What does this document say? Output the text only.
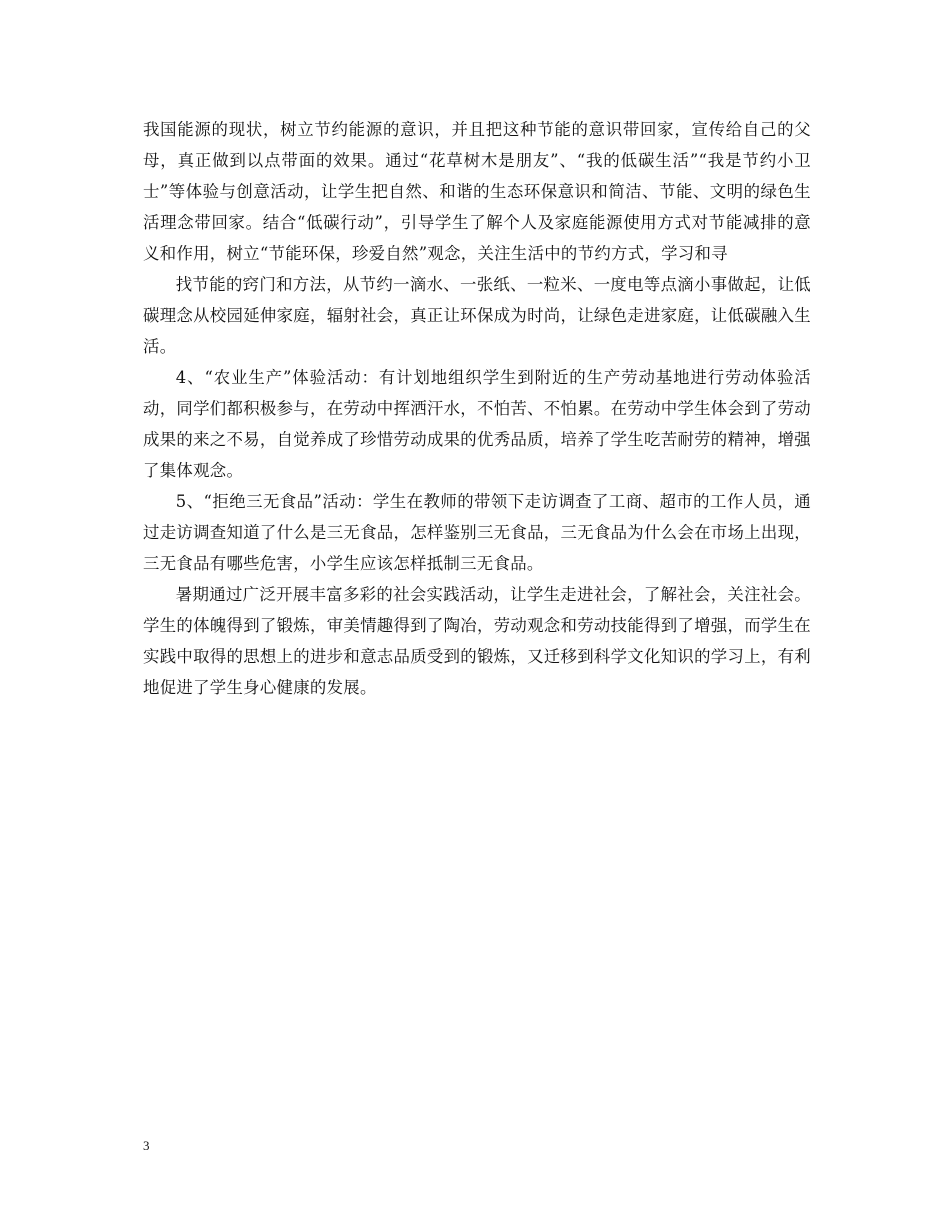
我国能源的现状，树立节约能源的意识，并且把这种节能的意识带回家，宣传给自己的父母，真正做到以点带面的效果。通过“花草树木是朋友”、“我的低碳生活”“我是节约小卫士”等体验与创意活动，让学生把自然、和谐的生态环保意识和简洁、节能、文明的绿色生活理念带回家。结合“低碳行动”，引导学生了解个人及家庭能源使用方式对节能减排的意义和作用，树立“节能环保，珍爱自然”观念，关注生活中的节约方式，学习和寻

找节能的窍门和方法，从节约一滴水、一张纸、一粒米、一度电等点滴小事做起，让低碳理念从校园延伸家庭，辐射社会，真正让环保成为时尚，让绿色走进家庭，让低碳融入生活。

4、“农业生产”体验活动：有计划地组织学生到附近的生产劳动基地进行劳动体验活动，同学们都积极参与，在劳动中挥洒汗水，不怕苦、不怕累。在劳动中学生体会到了劳动成果的来之不易，自觉养成了珍惜劳动成果的优秀品质，培养了学生吃苦耐劳的精神，增强了集体观念。

5、“拒绝三无食品”活动：学生在教师的带领下走访调查了工商、超市的工作人员，通过走访调查知道了什么是三无食品，怎样鉴别三无食品，三无食品为什么会在市场上出现，三无食品有哪些危害，小学生应该怎样抵制三无食品。

暑期通过广泛开展丰富多彩的社会实践活动，让学生走进社会，了解社会，关注社会。学生的体魄得到了锻炼，审美情趣得到了陶冶，劳动观念和劳动技能得到了增强，而学生在实践中取得的思想上的进步和意志品质受到的锻炼，又迁移到科学文化知识的学习上，有利地促进了学生身心健康的发展。

3
